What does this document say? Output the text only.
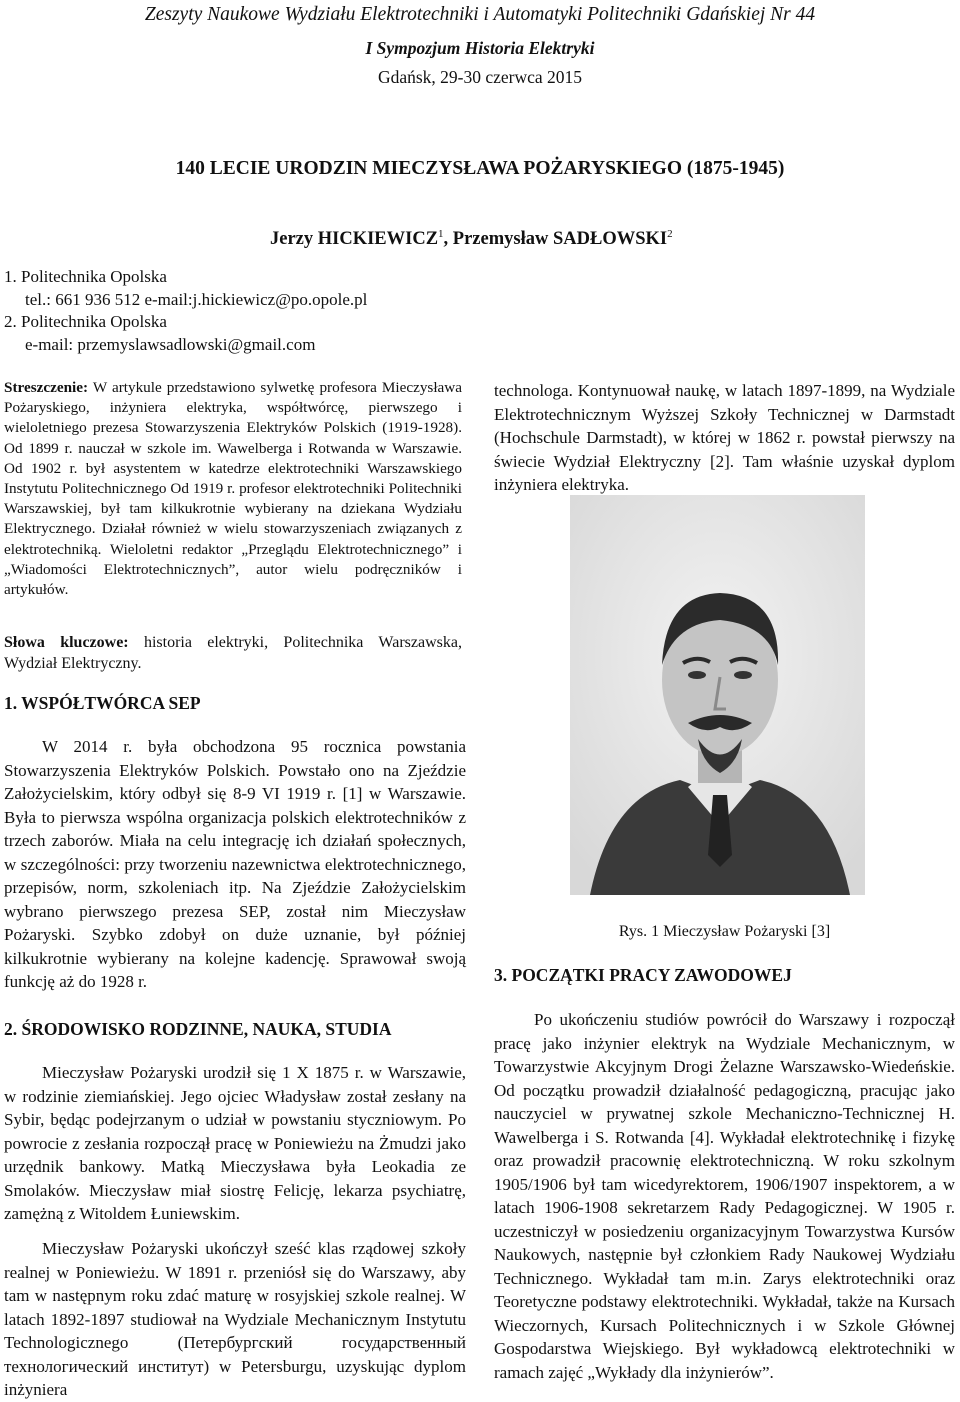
Zeszyty Naukowe Wydziału Elektrotechniki i Automatyki Politechniki Gdańskiej Nr 44
I Sympozjum Historia Elektryki
Gdańsk, 29-30 czerwca 2015
140 LECIE URODZIN MIECZYSŁAWA POŻARYSKIEGO (1875-1945)
Jerzy HICKIEWICZ$^1$, Przemysław SADŁOWSKI$^2$
1. Politechnika Opolska
tel.: 661 936 512 e-mail:j.hickiewicz@po.opole.pl
2. Politechnika Opolska
e-mail: przemyslawsadlowski@gmail.com
Streszczenie: W artykule przedstawiono sylwetkę profesora Mieczysława Pożaryskiego, inżyniera elektryka, współtwórcę, pierwszego i wieloletniego prezesa Stowarzyszenia Elektryków Polskich (1919-1928). Od 1899 r. nauczał w szkole im. Wawelberga i Rotwanda w Warszawie. Od 1902 r. był asystentem w katedrze elektrotechniki Warszawskiego Instytutu Politechnicznego Od 1919 r. profesor elektrotechniki Politechniki Warszawskiej, był tam kilkukrotnie wybierany na dziekana Wydziału Elektrycznego. Działał również w wielu stowarzyszeniach związanych z elektrotechniką. Wieloletni redaktor „Przeglądu Elektrotechnicznego” i „Wiadomości Elektrotechnicznych”, autor wielu podręczników i artykułów.
Słowa kluczowe: historia elektryki, Politechnika Warszawska, Wydział Elektryczny.
1. WSPÓŁTWÓRCA SEP
W 2014 r. była obchodzona 95 rocznica powstania Stowarzyszenia Elektryków Polskich. Powstało ono na Zjeździe Założycielskim, który odbył się 8-9 VI 1919 r. [1] w Warszawie. Była to pierwsza wspólna organizacja polskich elektrotechników z trzech zaborów. Miała na celu integrację ich działań społecznych, w szczególności: przy tworzeniu nazewnictwa elektrotechnicznego, przepisów, norm, szkoleniach itp. Na Zjeździe Założycielskim wybrano pierwszego prezesa SEP, został nim Mieczysław Pożaryski. Szybko zdobył on duże uznanie, był później kilkukrotnie wybierany na kolejne kadencję. Sprawował swoją funkcję aż do 1928 r.
2. ŚRODOWISKO RODZINNE, NAUKA, STUDIA
Mieczysław Pożaryski urodził się 1 X 1875 r. w Warszawie, w rodzinie ziemiańskiej. Jego ojciec Władysław został zesłany na Sybir, będąc podejrzanym o udział w powstaniu styczniowym. Po powrocie z zesłania rozpoczął pracę w Poniewieżu na Żmudzi jako urzędnik bankowy. Matką Mieczysława była Leokadia ze Smolaków. Mieczysław miał siostrę Felicję, lekarza psychiatrę, zamężną z Witoldem Łuniewskim.
Mieczysław Pożaryski ukończył sześć klas rządowej szkoły realnej w Poniewieżu. W 1891 r. przeniósł się do Warszawy, aby tam w następnym roku zdać maturę w rosyjskiej szkole realnej. W latach 1892-1897 studiował na Wydziale Mechanicznym Instytutu Technologicznego (Петербургский государственный технологический институт) w Petersburgu, uzyskując dyplom inżyniera
technologa. Kontynuował naukę, w latach 1897-1899, na Wydziale Elektrotechnicznym Wyższej Szkoły Technicznej w Darmstadt (Hochschule Darmstadt), w której w 1862 r. powstał pierwszy na świecie Wydział Elektryczny [2]. Tam właśnie uzyskał dyplom inżyniera elektryka.
Rys. 1 Mieczysław Pożaryski [3]
3. POCZĄTKI PRACY ZAWODOWEJ
Po ukończeniu studiów powrócił do Warszawy i rozpoczął pracę jako inżynier elektryk na Wydziale Mechanicznym, w Towarzystwie Akcyjnym Drogi Żelazne Warszawsko-Wiedeńskie. Od początku prowadził działalność pedagogiczną, pracując jako nauczyciel w prywatnej szkole Mechaniczno-Technicznej H. Wawelberga i S. Rotwanda [4]. Wykładał elektrotechnikę i fizykę oraz prowadził pracownię elektrotechniczną. W roku szkolnym 1905/1906 był tam wicedyrektorem, 1906/1907 inspektorem, a w latach 1906-1908 sekretarzem Rady Pedagogicznej. W 1905 r. uczestniczył w posiedzeniu organizacyjnym Towarzystwa Kursów Naukowych, następnie był członkiem Rady Naukowej Wydziału Technicznego. Wykładał tam m.in. Zarys elektrotechniki oraz Teoretyczne podstawy elektrotechniki. Wykładał, także na Kursach Wieczornych, Kursach Politechnicznych i w Szkole Głównej Gospodarstwa Wiejskiego. Był wykładowcą elektrotechniki w ramach zajęć „Wykłady dla inżynierów”.
